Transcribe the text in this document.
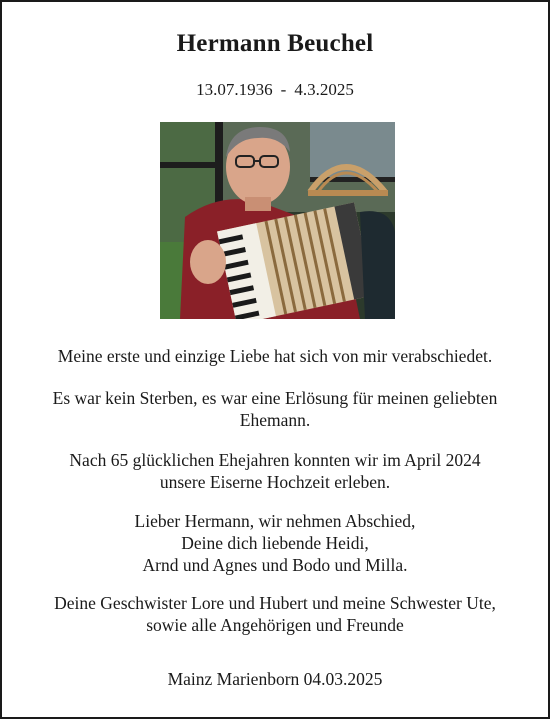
Hermann Beuchel
13.07.1936 - 4.3.2025
Meine erste und einzige Liebe hat sich von mir verabschiedet.
Es war kein Sterben, es war eine Erlösung für meinen geliebten
Ehemann.
Nach 65 glücklichen Ehejahren konnten wir im April 2024
unsere Eiserne Hochzeit erleben.
Lieber Hermann, wir nehmen Abschied,
Deine dich liebende Heidi,
Arnd und Agnes und Bodo und Milla.
Deine Geschwister Lore und Hubert und meine Schwester Ute,
sowie alle Angehörigen und Freunde
Mainz Marienborn 04.03.2025
